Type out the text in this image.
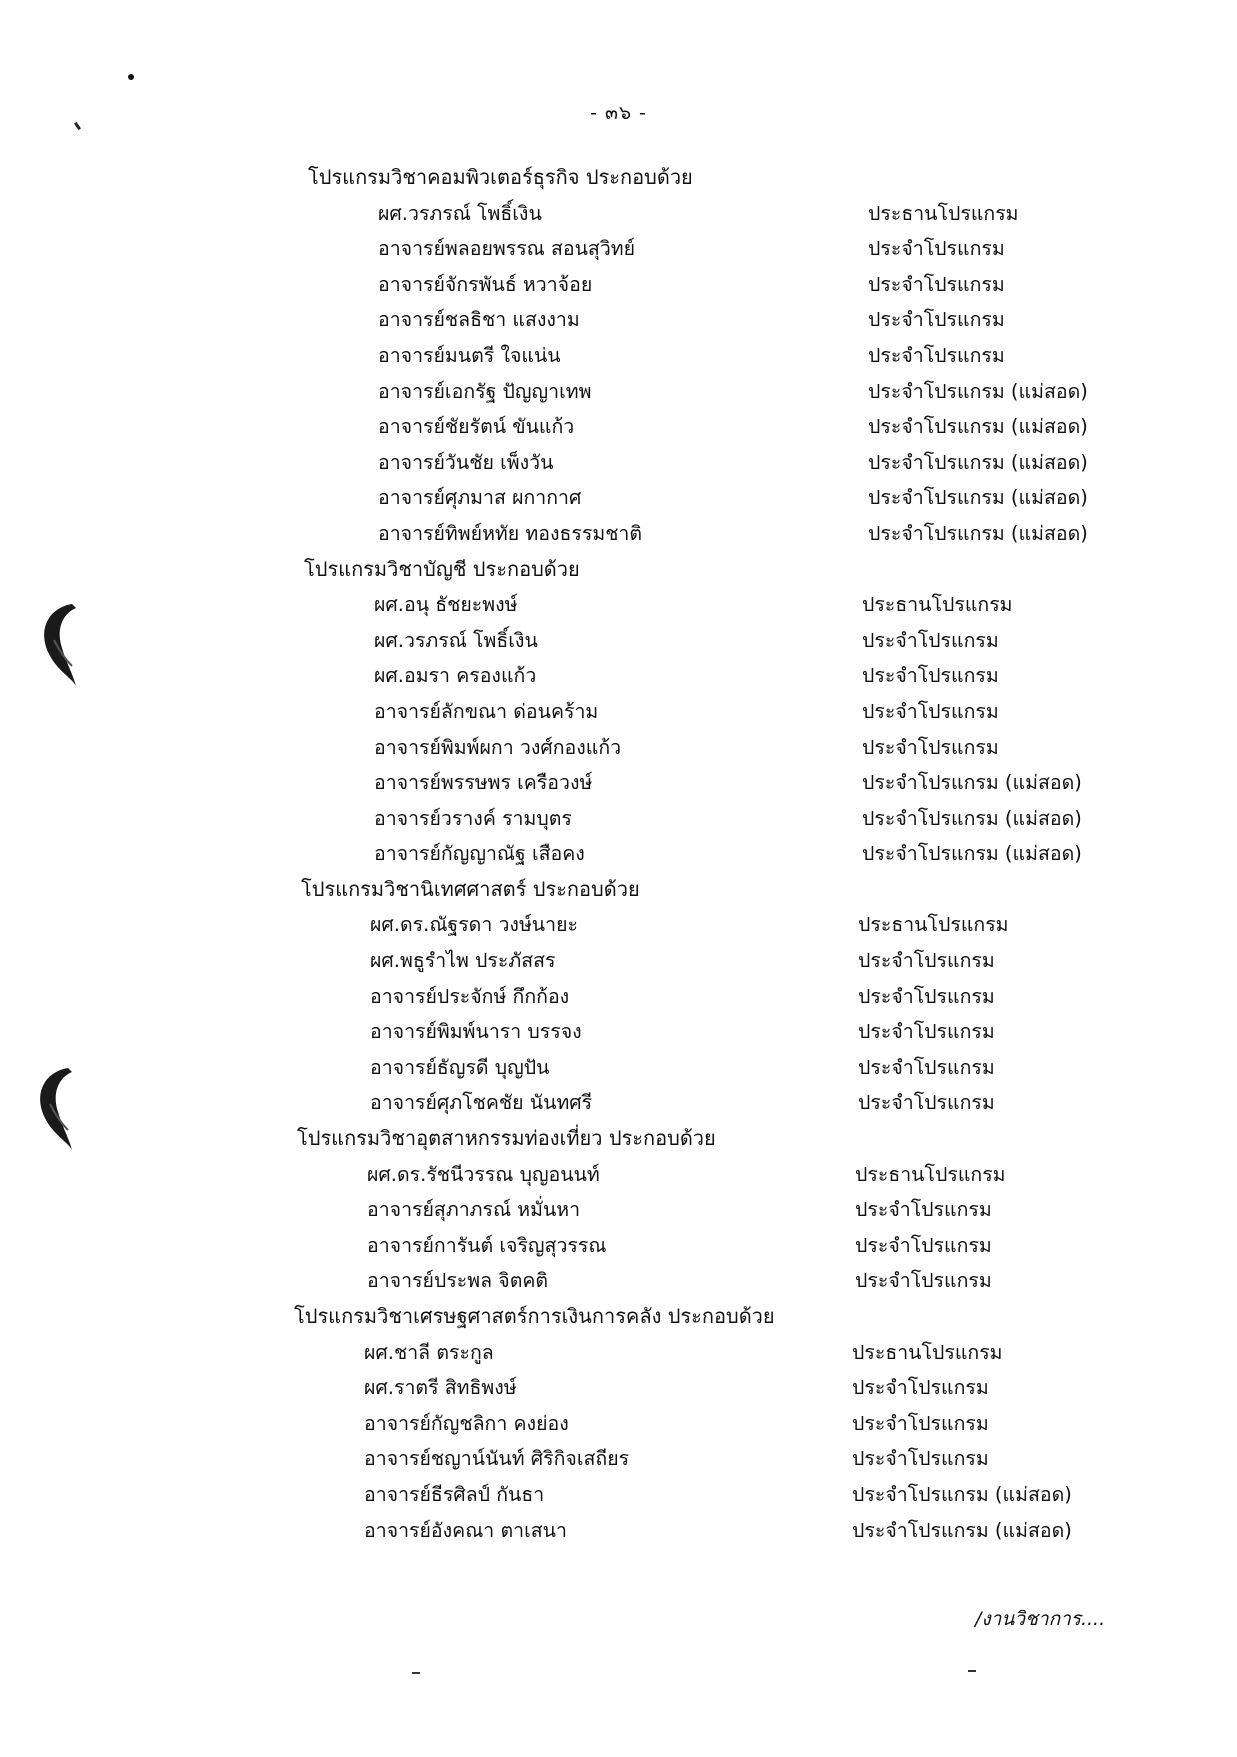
- ๓๖ -
โปรแกรมวิชาคอมพิวเตอร์ธุรกิจ ประกอบด้วย
ผศ.วรภรณ์ โพธิ์เงิน	ประธานโปรแกรม
อาจารย์พลอยพรรณ สอนสุวิทย์	ประจำโปรแกรม
อาจารย์จักรพันธ์ หวาจ้อย	ประจำโปรแกรม
อาจารย์ชลธิชา แสงงาม	ประจำโปรแกรม
อาจารย์มนตรี ใจแน่น	ประจำโปรแกรม
อาจารย์เอกรัฐ ปัญญาเทพ	ประจำโปรแกรม (แม่สอด)
อาจารย์ชัยรัตน์ ขันแก้ว	ประจำโปรแกรม (แม่สอด)
อาจารย์วันชัย เพ็งวัน	ประจำโปรแกรม (แม่สอด)
อาจารย์ศุภมาส ผกากาศ	ประจำโปรแกรม (แม่สอด)
อาจารย์ทิพย์หทัย ทองธรรมชาติ	ประจำโปรแกรม (แม่สอด)
โปรแกรมวิชาบัญชี ประกอบด้วย
ผศ.อนุ ธัชยะพงษ์	ประธานโปรแกรม
ผศ.วรภรณ์ โพธิ์เงิน	ประจำโปรแกรม
ผศ.อมรา ครองแก้ว	ประจำโปรแกรม
อาจารย์ลักขณา ด่อนคร้าม	ประจำโปรแกรม
อาจารย์พิมพ์ผกา วงศ์กองแก้ว	ประจำโปรแกรม
อาจารย์พรรษพร เครือวงษ์	ประจำโปรแกรม (แม่สอด)
อาจารย์วรางค์ รามบุตร	ประจำโปรแกรม (แม่สอด)
อาจารย์กัญญาณัฐ เสือคง	ประจำโปรแกรม (แม่สอด)
โปรแกรมวิชานิเทศศาสตร์ ประกอบด้วย
ผศ.ดร.ณัฐรดา วงษ์นายะ	ประธานโปรแกรม
ผศ.พธูรำไพ ประภัสสร	ประจำโปรแกรม
อาจารย์ประจักษ์ กึกก้อง	ประจำโปรแกรม
อาจารย์พิมพ์นารา บรรจง	ประจำโปรแกรม
อาจารย์ธัญรดี บุญปัน	ประจำโปรแกรม
อาจารย์ศุภโชคชัย นันทศรี	ประจำโปรแกรม
โปรแกรมวิชาอุตสาหกรรมท่องเที่ยว ประกอบด้วย
ผศ.ดร.รัชนีวรรณ บุญอนนท์	ประธานโปรแกรม
อาจารย์สุภาภรณ์ หมั่นหา	ประจำโปรแกรม
อาจารย์การันต์ เจริญสุวรรณ	ประจำโปรแกรม
อาจารย์ประพล จิตคติ	ประจำโปรแกรม
โปรแกรมวิชาเศรษฐศาสตร์การเงินการคลัง ประกอบด้วย
ผศ.ชาลี ตระกูล	ประธานโปรแกรม
ผศ.ราตรี สิทธิพงษ์	ประจำโปรแกรม
อาจารย์กัญชลิกา คงย่อง	ประจำโปรแกรม
อาจารย์ชญาน์นันท์ ศิริกิจเสถียร	ประจำโปรแกรม
อาจารย์ธีรศิลป์ กันธา	ประจำโปรแกรม (แม่สอด)
อาจารย์อังคณา ตาเสนา	ประจำโปรแกรม (แม่สอด)
/งานวิชาการ....
